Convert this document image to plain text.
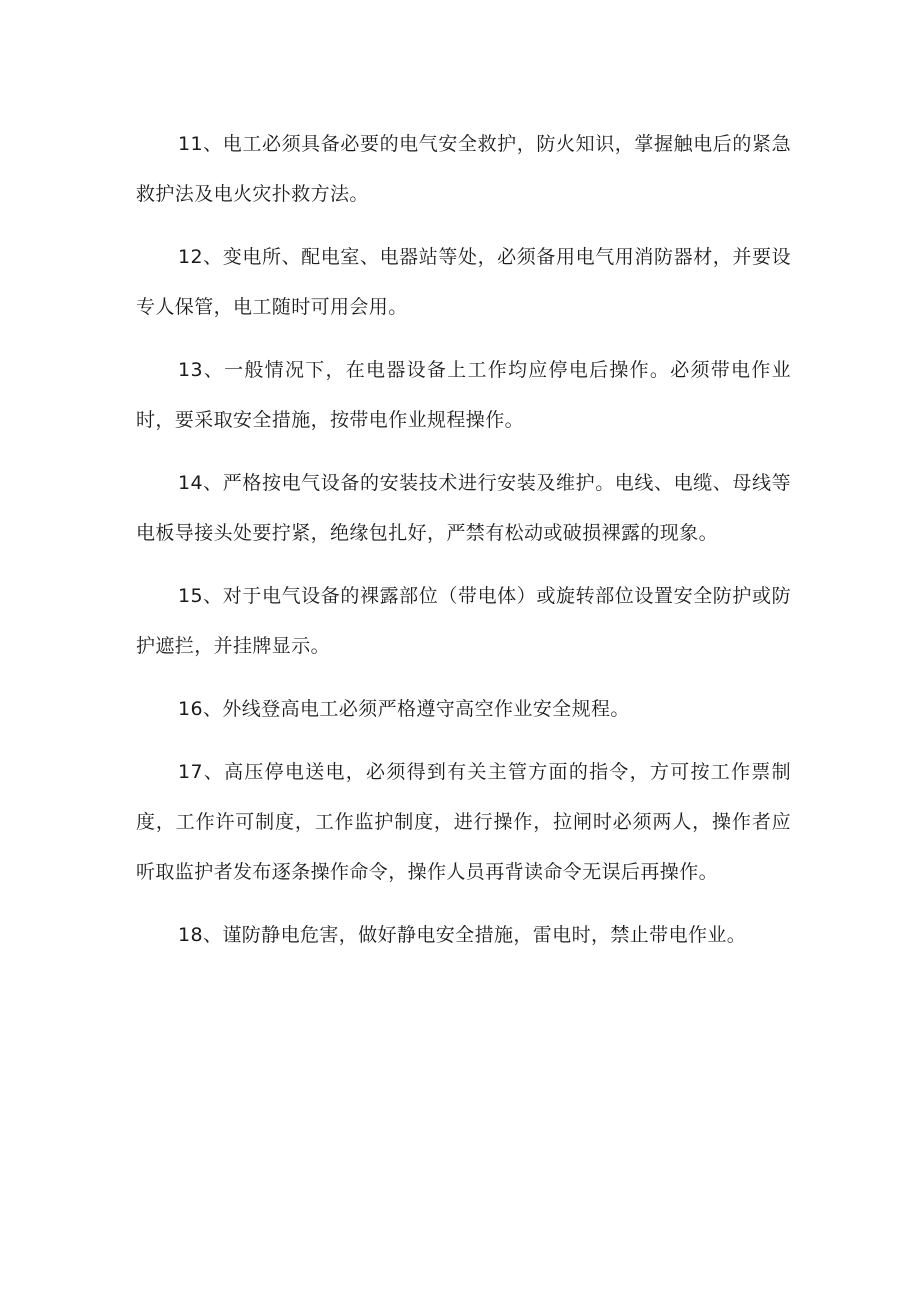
11、电工必须具备必要的电气安全救护，防火知识，掌握触电后的紧急救护法及电火灾扑救方法。

12、变电所、配电室、电器站等处，必须备用电气用消防器材，并要设专人保管，电工随时可用会用。

13、一般情况下，在电器设备上工作均应停电后操作。必须带电作业时，要采取安全措施，按带电作业规程操作。

14、严格按电气设备的安装技术进行安装及维护。电线、电缆、母线等电板导接头处要拧紧，绝缘包扎好，严禁有松动或破损裸露的现象。

15、对于电气设备的裸露部位（带电体）或旋转部位设置安全防护或防护遮拦，并挂牌显示。

16、外线登高电工必须严格遵守高空作业安全规程。

17、高压停电送电，必须得到有关主管方面的指令，方可按工作票制度，工作许可制度，工作监护制度，进行操作，拉闸时必须两人，操作者应听取监护者发布逐条操作命令，操作人员再背读命令无误后再操作。

18、谨防静电危害，做好静电安全措施，雷电时，禁止带电作业。
